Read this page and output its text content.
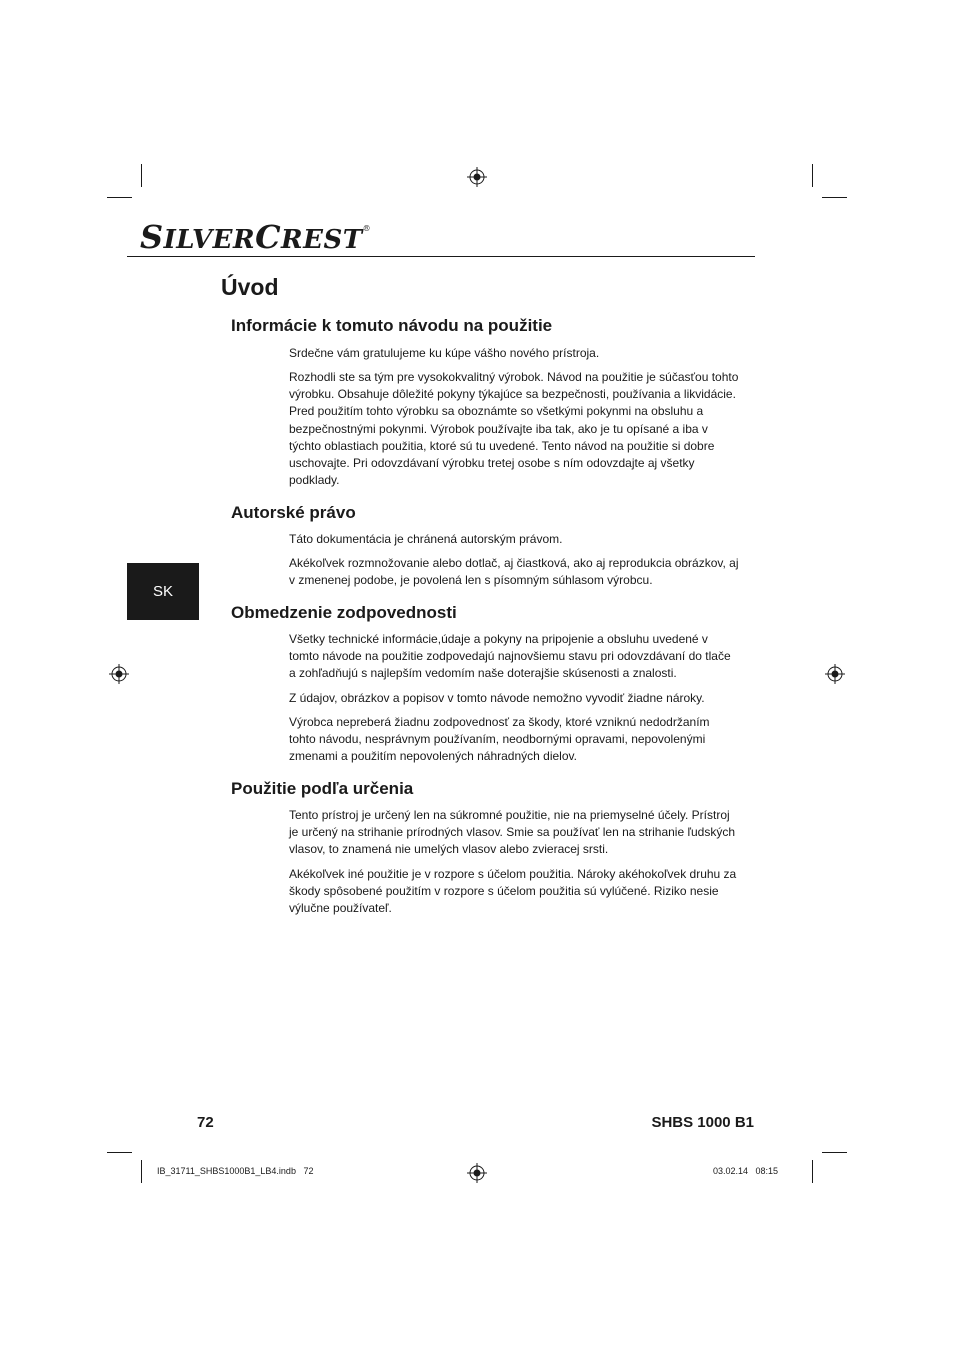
SILVERCREST®
Úvod
Informácie k tomuto návodu na použitie

Srdečne vám gratulujeme ku kúpe vášho nového prístroja.

Rozhodli ste sa tým pre vysokokvalitný výrobok. Návod na použitie je súčasťou tohto výrobku. Obsahuje dôležité pokyny týkajúce sa bezpečnosti, používania a likvidácie. Pred použitím tohto výrobku sa oboznámte so všetkými pokynmi na obsluhu a bezpečnostnými pokynmi. Výrobok používajte iba tak, ako je tu opísané a iba v týchto oblastiach použitia, ktoré sú tu uvedené. Tento návod na použitie si dobre uschovajte. Pri odovzdávaní výrobku tretej osobe s ním odovzdajte aj všetky podklady.

Autorské právo

Táto dokumentácia je chránená autorským právom.

Akékoľvek rozmnožovanie alebo dotlač, aj čiastková, ako aj reprodukcia obrázkov, aj v zmenenej podobe, je povolená len s písomným súhlasom výrobcu.

SK
Obmedzenie zodpovednosti

Všetky technické informácie,údaje a pokyny na pripojenie a obsluhu uvedené v tomto návode na použitie zodpovedajú najnovšiemu stavu pri odovzdávaní do tlače a zohľadňujú s najlepším vedomím naše doterajšie skúsenosti a znalosti.

Z údajov, obrázkov a popisov v tomto návode nemožno vyvodiť žiadne nároky.

Výrobca nepreberá žiadnu zodpovednosť za škody, ktoré vzniknú nedodržaním tohto návodu, nesprávnym používaním, neodbornými opravami, nepovolenými zmenami a použitím nepovolených náhradných dielov.

Použitie podľa určenia

Tento prístroj je určený len na súkromné použitie, nie na priemyselné účely. Prístroj je určený na strihanie prírodných vlasov. Smie sa používať len na strihanie ľudských vlasov, to znamená nie umelých vlasov alebo zvieracej srsti.

Akékoľvek iné použitie je v rozpore s účelom použitia. Nároky akéhokoľvek druhu za škody spôsobené použitím v rozpore s účelom použitia sú vylúčené. Riziko nesie výlučne používateľ.

72	SHBS 1000 B1
IB_31711_SHBS1000B1_LB4.indb   72	03.02.14   08:15
